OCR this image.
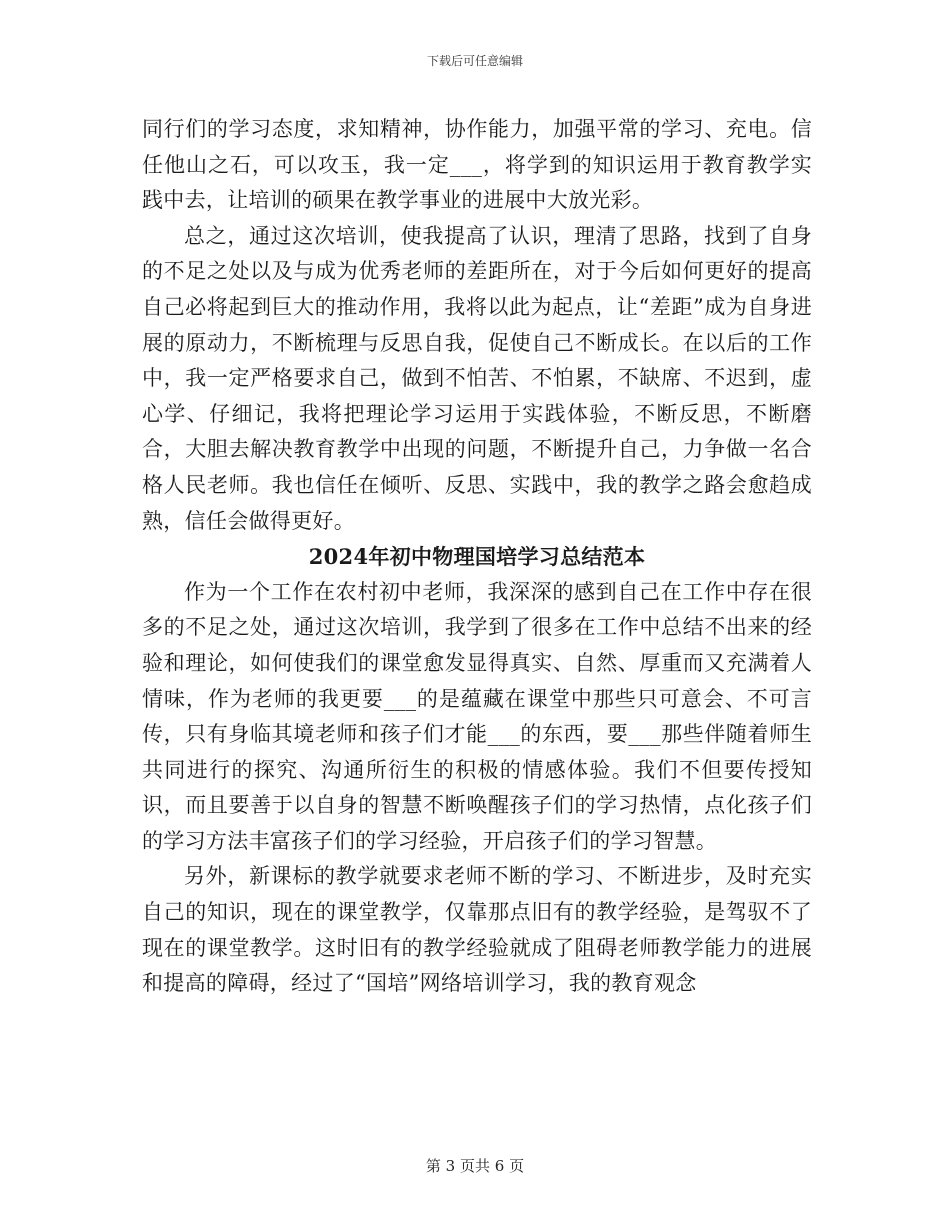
下载后可任意编辑

同行们的学习态度，求知精神，协作能力，加强平常的学习、充电。信任他山之石，可以攻玉，我一定___，将学到的知识运用于教育教学实践中去，让培训的硕果在教学事业的进展中大放光彩。

总之，通过这次培训，使我提高了认识，理清了思路，找到了自身的不足之处以及与成为优秀老师的差距所在，对于今后如何更好的提高自己必将起到巨大的推动作用，我将以此为起点，让“差距”成为自身进展的原动力，不断梳理与反思自我，促使自己不断成长。在以后的工作中，我一定严格要求自己，做到不怕苦、不怕累，不缺席、不迟到，虚心学、仔细记，我将把理论学习运用于实践体验，不断反思，不断磨合，大胆去解决教育教学中出现的问题，不断提升自己，力争做一名合格人民老师。我也信任在倾听、反思、实践中，我的教学之路会愈趋成熟，信任会做得更好。

2024年初中物理国培学习总结范本

作为一个工作在农村初中老师，我深深的感到自己在工作中存在很多的不足之处，通过这次培训，我学到了很多在工作中总结不出来的经验和理论，如何使我们的课堂愈发显得真实、自然、厚重而又充满着人情味，作为老师的我更要___的是蕴藏在课堂中那些只可意会、不可言传，只有身临其境老师和孩子们才能___的东西，要___那些伴随着师生共同进行的探究、沟通所衍生的积极的情感体验。我们不但要传授知识，而且要善于以自身的智慧不断唤醒孩子们的学习热情，点化孩子们的学习方法丰富孩子们的学习经验，开启孩子们的学习智慧。

另外，新课标的教学就要求老师不断的学习、不断进步，及时充实自己的知识，现在的课堂教学，仅靠那点旧有的教学经验，是驾驭不了现在的课堂教学。这时旧有的教学经验就成了阻碍老师教学能力的进展和提高的障碍，经过了“国培”网络培训学习，我的教育观念

第 3 页共 6 页
